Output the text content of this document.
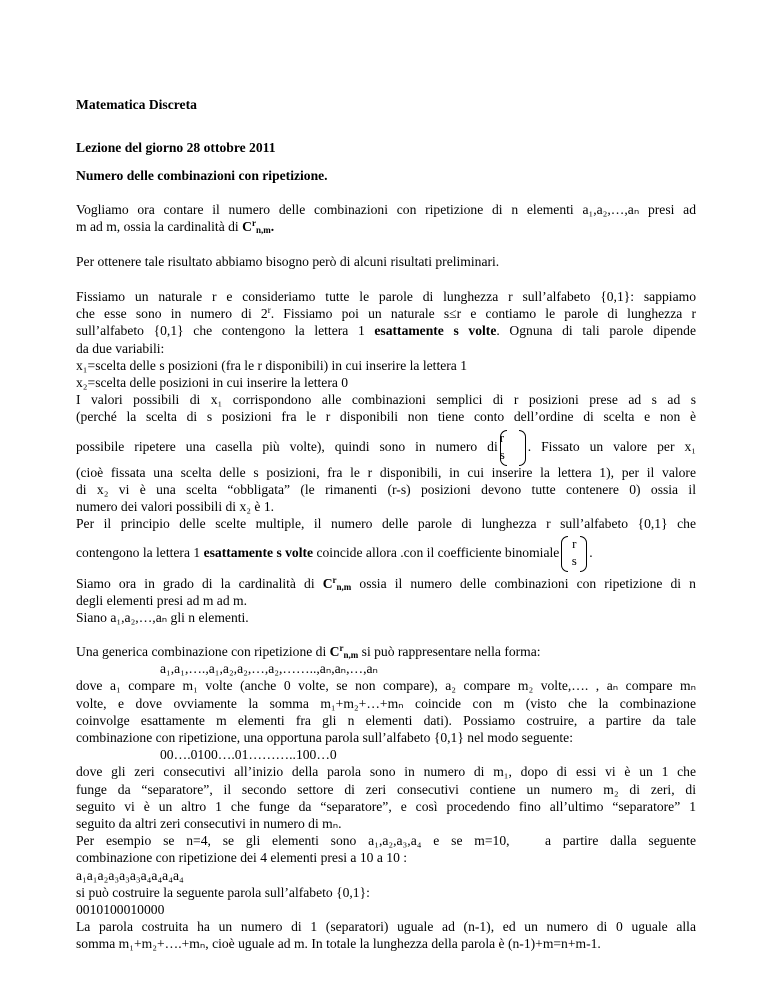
Matematica Discreta
Lezione del giorno 28 ottobre 2011
Numero delle combinazioni con ripetizione.

Vogliamo ora contare il numero delle combinazioni con ripetizione di n elementi a₁,a₂,…,aₙ presi ad

m ad m, ossia la cardinalità di $C^r_{n,m}$.

Per ottenere tale risultato abbiamo bisogno però di alcuni risultati preliminari.

Fissiamo un naturale r e consideriamo tutte le parole di lunghezza r sull’alfabeto {0,1}: sappiamo

che esse sono in numero di 2$^r$. Fissiamo poi un naturale s≤r e contiamo le parole di lunghezza r

sull’alfabeto {0,1} che contengono la lettera 1 esattamente s volte. Ognuna di tali parole dipende

da due variabili:

x₁=scelta delle s posizioni (fra le r disponibili) in cui inserire la lettera 1

x₂=scelta delle posizioni in cui inserire la lettera 0

I valori possibili di x₁ corrispondono alle combinazioni semplici di r posizioni prese ad s ad s

(perché la scelta di s posizioni fra le r disponibili non tiene conto dell’ordine di scelta e non è

possibile ripetere una casella più volte), quindi sono in numero di
r
s
. Fissato un valore per x₁

(cioè fissata una scelta delle s posizioni, fra le r disponibili, in cui inserire la lettera 1), per il valore

di x₂ vi è una scelta “obbligata” (le rimanenti (r-s) posizioni devono tutte contenere 0) ossia il

numero dei valori possibili di x₂ è 1.

Per il principio delle scelte multiple, il numero delle parole di lunghezza r sull’alfabeto {0,1} che

contengono la lettera 1 esattamente s volte coincide allora .con il coefficiente binomiale
r
s
.

Siamo ora in grado di la cardinalità di $C^r_{n,m}$ ossia il numero delle combinazioni con ripetizione di n

degli elementi presi ad m ad m.

Siano a₁,a₂,…,aₙ gli n elementi.

Una generica combinazione con ripetizione di $C^r_{n,m}$ si può rappresentare nella forma:

a₁,a₁,….,a₁,a₂,a₂,…,a₂,……..,aₙ,aₙ,…,aₙ

dove a₁ compare m₁ volte (anche 0 volte, se non compare), a₂ compare m₂ volte,…. , aₙ compare mₙ

volte, e dove ovviamente la somma m₁+m₂+…+mₙ coincide con m (visto che la combinazione

coinvolge esattamente m elementi fra gli n elementi dati). Possiamo costruire, a partire da tale

combinazione con ripetizione, una opportuna parola sull’alfabeto {0,1} nel modo seguente:

00….0100….01………..100…0

dove gli zeri consecutivi all’inizio della parola sono in numero di m₁, dopo di essi vi è un 1 che

funge da “separatore”, il secondo settore di zeri consecutivi contiene un numero m₂ di zeri, di

seguito vi è un altro 1 che funge da “separatore”, e così procedendo fino all’ultimo “separatore” 1

seguito da altri zeri consecutivi in numero di mₙ.

Per esempio se n=4, se gli elementi sono a₁,a₂,a₃,a₄ e se m=10,   a partire dalla seguente

combinazione con ripetizione dei 4 elementi presi a 10 a 10 :

a₁a₁a₂a₃a₃a₃a₄a₄a₄a₄

si può costruire la seguente parola sull’alfabeto {0,1}:

0010100010000

La parola costruita ha un numero di 1 (separatori) uguale ad (n-1), ed un numero di 0 uguale alla

somma m₁+m₂+….+mₙ, cioè uguale ad m. In totale la lunghezza della parola è (n-1)+m=n+m-1.
